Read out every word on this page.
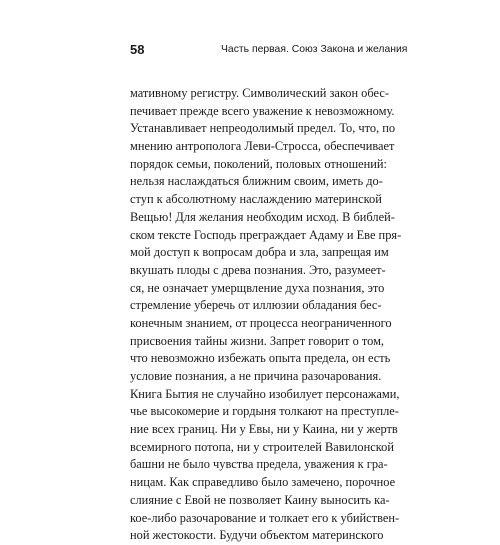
58	Часть первая. Союз Закона и желания
мативному регистру. Символический закон обес-
печивает прежде всего уважение к невозможному.
Устанавливает непреодолимый предел. То, что, по
мнению антрополога Леви-Стросса, обеспечивает
порядок семьи, поколений, половых отношений:
нельзя наслаждаться ближним своим, иметь до-
ступ к абсолютному наслаждению материнской
Вещью! Для желания необходим исход. В библей-
ском тексте Господь преграждает Адаму и Еве пря-
мой доступ к вопросам добра и зла, запрещая им
вкушать плоды с древа познания. Это, разумеет-
ся, не означает умерщвление духа познания, это
стремление уберечь от иллюзии обладания бес-
конечным знанием, от процесса неограниченного
присвоения тайны жизни. Запрет говорит о том,
что невозможно избежать опыта предела, он есть
условие познания, а не причина разочарования.
Книга Бытия не случайно изобилует персонажами,
чье высокомерие и гордыня толкают на преступле-
ние всех границ. Ни у Евы, ни у Каина, ни у жертв
всемирного потопа, ни у строителей Вавилонской
башни не было чувства предела, уважения к гра-
ницам. Как справедливо было замечено, порочное
слияние с Евой не позволяет Каину выносить ка-
кое-либо разочарование и толкает его к убийствен-
ной жестокости. Будучи объектом материнского
